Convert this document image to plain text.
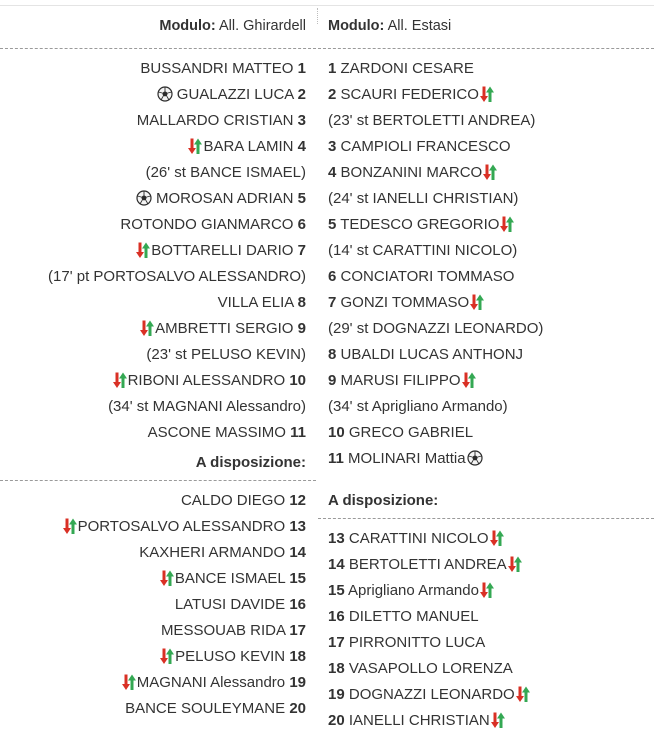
Modulo: All. Ghirardell
BUSSANDRI MATTEO 1
GUALAZZI LUCA 2
MALLARDO CRISTIAN 3
BARA LAMIN 4
(26' st BANCE ISMAEL)
MOROSAN ADRIAN 5
ROTONDO GIANMARCO 6
BOTTARELLI DARIO 7
(17' pt PORTOSALVO ALESSANDRO)
VILLA ELIA 8
AMBRETTI SERGIO 9
(23' st PELUSO KEVIN)
RIBONI ALESSANDRO 10
(34' st MAGNANI Alessandro)
ASCONE MASSIMO 11
A disposizione:
CALDO DIEGO 12
PORTOSALVO ALESSANDRO 13
KAXHERI ARMANDO 14
BANCE ISMAEL 15
LATUSI DAVIDE 16
MESSOUAB RIDA 17
PELUSO KEVIN 18
MAGNANI Alessandro 19
BANCE SOULEYMANE 20
Modulo: All. Estasi
1 ZARDONI CESARE
2 SCAURI FEDERICO
(23' st BERTOLETTI ANDREA)
3 CAMPIOLI FRANCESCO
4 BONZANINI MARCO
(24' st IANELLI CHRISTIAN)
5 TEDESCO GREGORIO
(14' st CARATTINI NICOLO)
6 CONCIATORI TOMMASO
7 GONZI TOMMASO
(29' st DOGNAZZI LEONARDO)
8 UBALDI LUCAS ANTHONJ
9 MARUSI FILIPPO
(34' st Aprigliano Armando)
10 GRECO GABRIEL
11 MOLINARI Mattia
A disposizione:
13 CARATTINI NICOLO
14 BERTOLETTI ANDREA
15 Aprigliano Armando
16 DILETTO MANUEL
17 PIRRONITTO LUCA
18 VASAPOLLO LORENZA
19 DOGNAZZI LEONARDO
20 IANELLI CHRISTIAN
